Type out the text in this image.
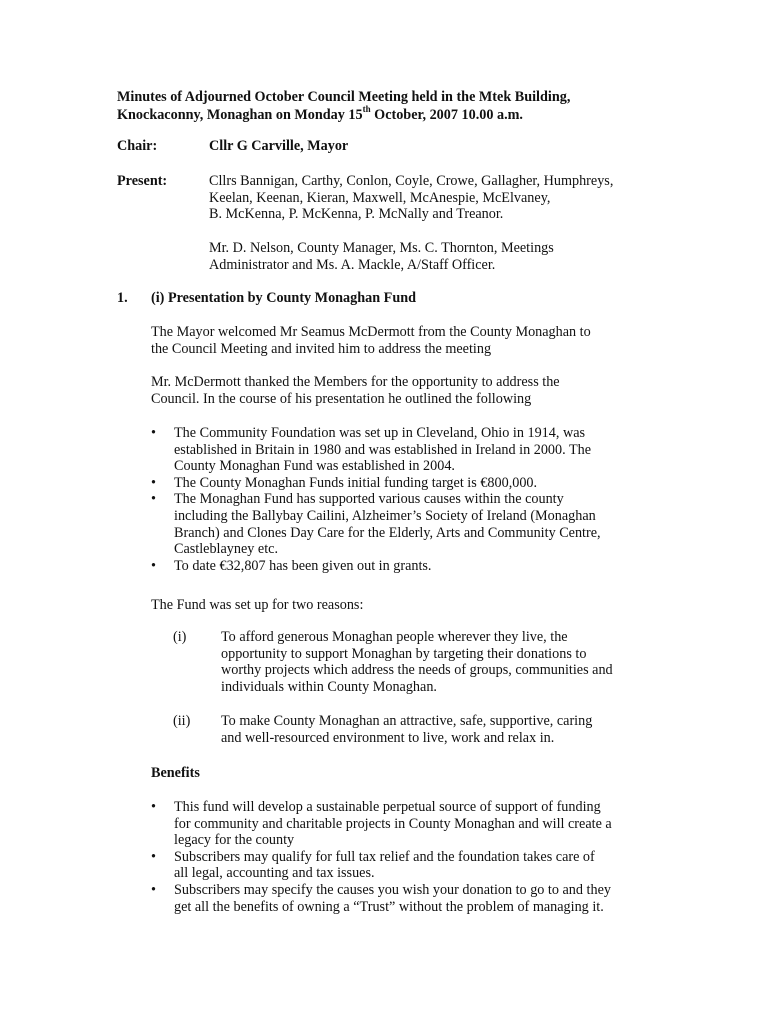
Minutes of Adjourned October Council Meeting held in the Mtek Building,
Knockaconny, Monaghan on Monday 15th October, 2007 10.00 a.m.
Chair:	Cllr G Carville, Mayor
Present:	Cllrs Bannigan, Carthy, Conlon, Coyle, Crowe, Gallagher, Humphreys,
Keelan, Keenan, Kieran, Maxwell, McAnespie, McElvaney,
B. McKenna, P. McKenna, P. McNally and Treanor.
Mr. D. Nelson, County Manager, Ms. C. Thornton, Meetings
Administrator and Ms. A. Mackle, A/Staff Officer.
1. (i) Presentation by County Monaghan Fund
The Mayor welcomed Mr Seamus McDermott from the County Monaghan to
the Council Meeting and invited him to address the meeting
Mr. McDermott thanked the Members for the opportunity to address the
Council. In the course of his presentation he outlined the following
• The Community Foundation was set up in Cleveland, Ohio in 1914, was
established in Britain in 1980 and was established in Ireland in 2000. The
County Monaghan Fund was established in 2004.
• The County Monaghan Funds initial funding target is €800,000.
• The Monaghan Fund has supported various causes within the county
including the Ballybay Cailini, Alzheimer’s Society of Ireland (Monaghan
Branch) and Clones Day Care for the Elderly, Arts and Community Centre,
Castleblayney etc.
• To date €32,807 has been given out in grants.
The Fund was set up for two reasons:
(i) To afford generous Monaghan people wherever they live, the
opportunity to support Monaghan by targeting their donations to
worthy projects which address the needs of groups, communities and
individuals within County Monaghan.
(ii) To make County Monaghan an attractive, safe, supportive, caring
and well-resourced environment to live, work and relax in.
Benefits
• This fund will develop a sustainable perpetual source of support of funding
for community and charitable projects in County Monaghan and will create a
legacy for the county
• Subscribers may qualify for full tax relief and the foundation takes care of
all legal, accounting and tax issues.
• Subscribers may specify the causes you wish your donation to go to and they
get all the benefits of owning a “Trust” without the problem of managing it.
